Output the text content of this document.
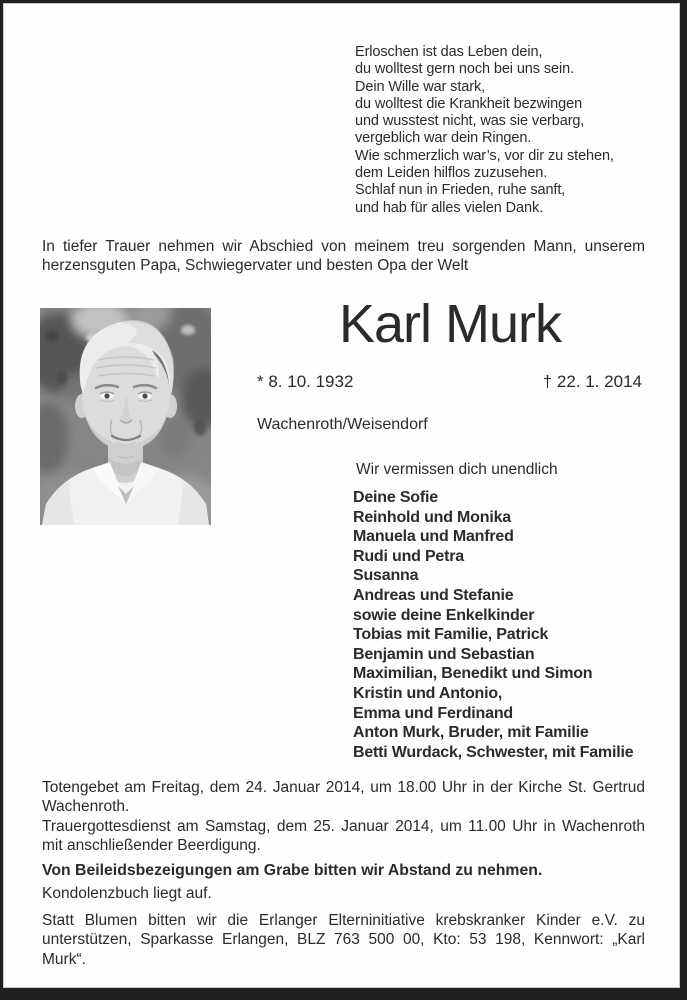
Erloschen ist das Leben dein,
du wolltest gern noch bei uns sein.
Dein Wille war stark,
du wolltest die Krankheit bezwingen
und wusstest nicht, was sie verbarg,
vergeblich war dein Ringen.
Wie schmerzlich war’s, vor dir zu stehen,
dem Leiden hilflos zuzusehen.
Schlaf nun in Frieden, ruhe sanft,
und hab für alles vielen Dank.
In tiefer Trauer nehmen wir Abschied von meinem treu sorgenden Mann, unserem herzensguten Papa, Schwiegervater und besten Opa der Welt
Karl Murk
* 8. 10. 1932	† 22. 1. 2014
Wachenroth/Weisendorf
Wir vermissen dich unendlich
Deine Sofie
Reinhold und Monika
Manuela und Manfred
Rudi und Petra
Susanna
Andreas und Stefanie
sowie deine Enkelkinder
Tobias mit Familie, Patrick
Benjamin und Sebastian
Maximilian, Benedikt und Simon
Kristin und Antonio,
Emma und Ferdinand
Anton Murk, Bruder, mit Familie
Betti Wurdack, Schwester, mit Familie
Totengebet am Freitag, dem 24. Januar 2014, um 18.00 Uhr in der Kirche St. Gertrud Wachenroth.
Trauergottesdienst am Samstag, dem 25. Januar 2014, um 11.00 Uhr in Wachenroth mit anschließender Beerdigung.
Von Beileidsbezeigungen am Grabe bitten wir Abstand zu nehmen.
Kondolenzbuch liegt auf.
Statt Blumen bitten wir die Erlanger Elterninitiative krebskranker Kinder e.V. zu unterstützen, Sparkasse Erlangen, BLZ 763 500 00, Kto: 53 198, Kennwort: „Karl Murk“.
